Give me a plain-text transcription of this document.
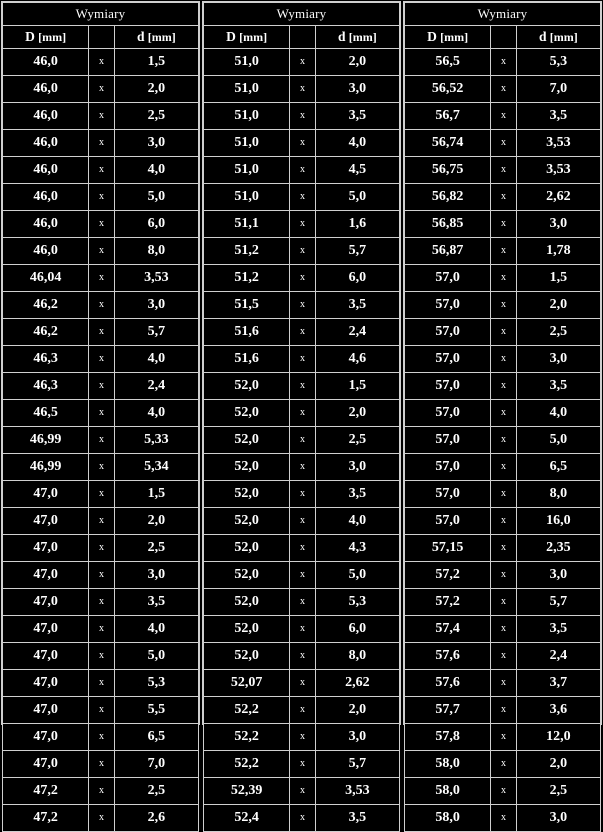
Wymiary		
D [mm]		d [mm]
46,0	x	1,5
46,0	x	2,0
46,0	x	2,5
46,0	x	3,0
46,0	x	4,0
46,0	x	5,0
46,0	x	6,0
46,0	x	8,0
46,04	x	3,53
46,2	x	3,0
46,2	x	5,7
46,3	x	4,0
46,3	x	2,4
46,5	x	4,0
46,99	x	5,33
46,99	x	5,34
47,0	x	1,5
47,0	x	2,0
47,0	x	2,5
47,0	x	3,0
47,0	x	3,5
47,0	x	4,0
47,0	x	5,0
47,0	x	5,3
47,0	x	5,5
47,0	x	6,5
47,0	x	7,0
47,2	x	2,5
47,2	x	2,6
Wymiary		
D [mm]		d [mm]
51,0	x	2,0
51,0	x	3,0
51,0	x	3,5
51,0	x	4,0
51,0	x	4,5
51,0	x	5,0
51,1	x	1,6
51,2	x	5,7
51,2	x	6,0
51,5	x	3,5
51,6	x	2,4
51,6	x	4,6
52,0	x	1,5
52,0	x	2,0
52,0	x	2,5
52,0	x	3,0
52,0	x	3,5
52,0	x	4,0
52,0	x	4,3
52,0	x	5,0
52,0	x	5,3
52,0	x	6,0
52,0	x	8,0
52,07	x	2,62
52,2	x	2,0
52,2	x	3,0
52,2	x	5,7
52,39	x	3,53
52,4	x	3,5
Wymiary		
D [mm]		d [mm]
56,5	x	5,3
56,52	x	7,0
56,7	x	3,5
56,74	x	3,53
56,75	x	3,53
56,82	x	2,62
56,85	x	3,0
56,87	x	1,78
57,0	x	1,5
57,0	x	2,0
57,0	x	2,5
57,0	x	3,0
57,0	x	3,5
57,0	x	4,0
57,0	x	5,0
57,0	x	6,5
57,0	x	8,0
57,0	x	16,0
57,15	x	2,35
57,2	x	3,0
57,2	x	5,7
57,4	x	3,5
57,6	x	2,4
57,6	x	3,7
57,7	x	3,6
57,8	x	12,0
58,0	x	2,0
58,0	x	2,5
58,0	x	3,0
